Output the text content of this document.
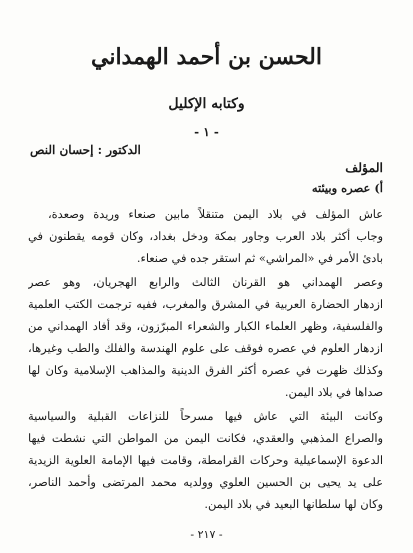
الحسن بن أحمد الهمداني
وكتابه الإكليل
- ١ -
الدكتور : إحسان النص
المؤلف
أ) عصره وبيئته
عاش المؤلف في بلاد اليمن متنقلاً مابين صنعاء وريدة وصعدة،
وجاب أكثر بلاد العرب وجاور بمكة ودخل بغداد، وكان قومه يقطنون في
بادئ الأمر في «المراشي» ثم استقر جده في صنعاء.
وعصر الهمداني هو القرنان الثالث والرابع الهجريان، وهو عصر
ازدهار الحضارة العربية في المشرق والمغرب، ففيه ترجمت الكتب العلمية
والفلسفية، وظهر العلماء الكبار والشعراء المبرّزون، وقد أفاد الهمداني من
ازدهار العلوم في عصره فوقف على علوم الهندسة والفلك والطب وغيرها،
وكذلك ظهرت في عصره أكثر الفرق الدينية والمذاهب الإسلامية وكان لها
صداها في بلاد اليمن.
وكانت البيئة التي عاش فيها مسرحاً للنزاعات القبلية والسياسية
والصراع المذهبي والعقدي، فكانت اليمن من المواطن التي نشطت فيها
الدعوة الإسماعيلية وحركات القرامطة، وقامت فيها الإمامة العلوية الزيدية
على يد يحيى بن الحسين العلوي وولديه محمد المرتضى وأحمد الناصر،
وكان لها سلطانها البعيد في بلاد اليمن.
- ٢١٧ -
